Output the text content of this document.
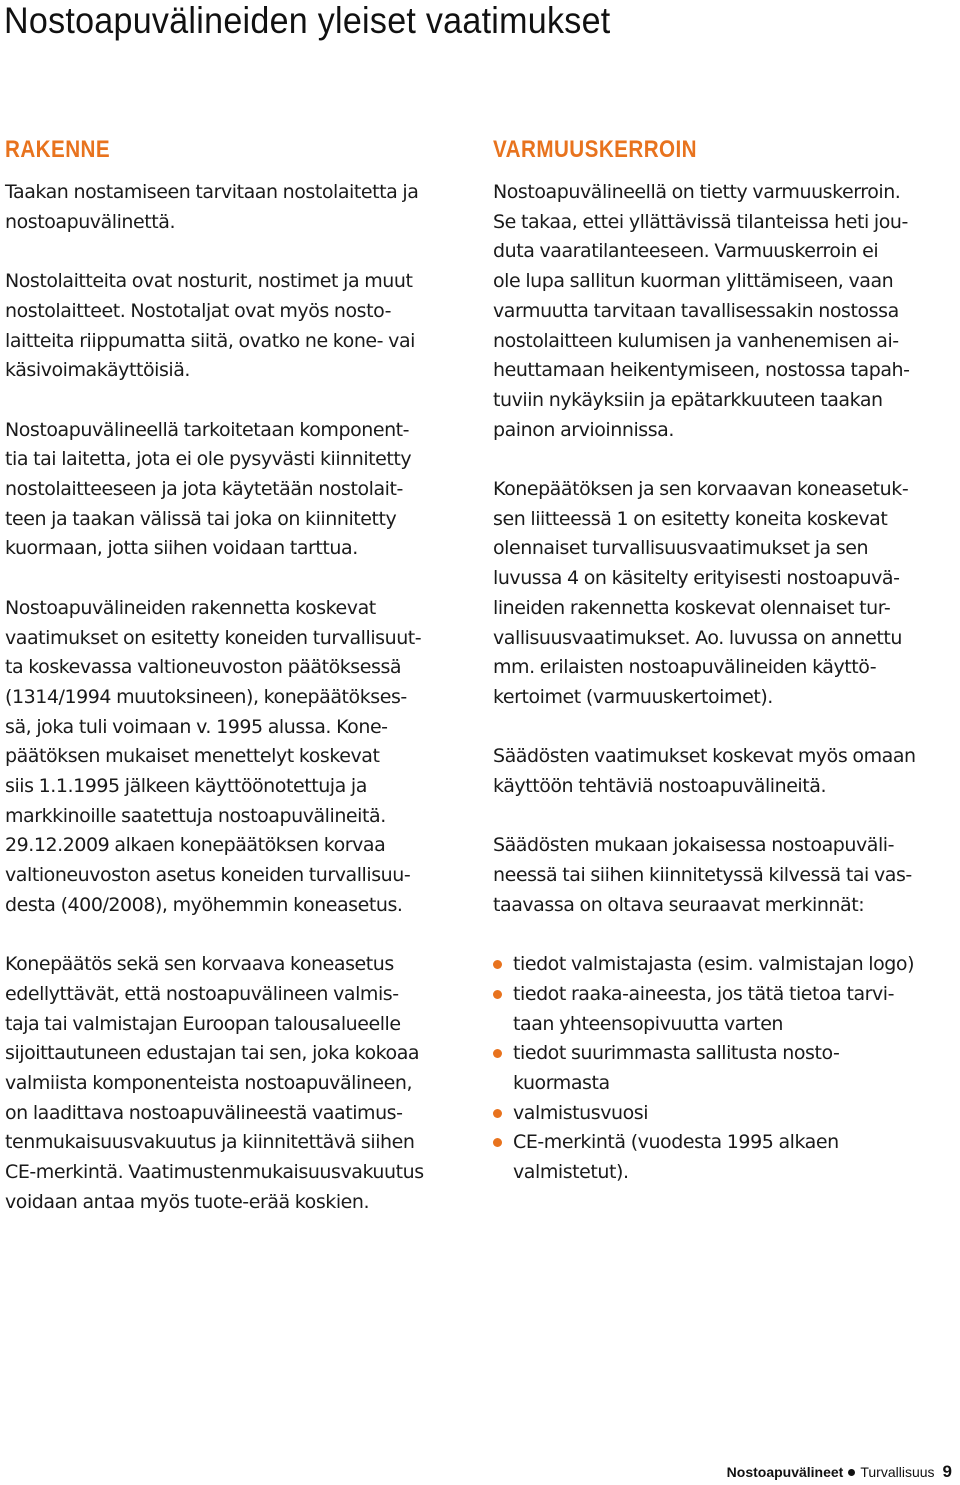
Nostoapuvälineiden yleiset vaatimukset
RAKENNE

Taakan nostamiseen tarvitaan nostolaitetta ja
nostoapuvälinettä.

Nostolaitteita ovat nosturit, nostimet ja muut
nostolaitteet. Nostotaljat ovat myös nosto-
laitteita riippumatta siitä, ovatko ne kone- vai
käsivoimakäyttöisiä.

Nostoapuvälineellä tarkoitetaan komponent-
tia tai laitetta, jota ei ole pysyvästi kiinnitetty
nostolaitteeseen ja jota käytetään nostolait-
teen ja taakan välissä tai joka on kiinnitetty
kuormaan, jotta siihen voidaan tarttua.

Nostoapuvälineiden rakennetta koskevat
vaatimukset on esitetty koneiden turvallisuut-
ta koskevassa valtioneuvoston päätöksessä
(1314/1994 muutoksineen), konepäätökses-
sä, joka tuli voimaan v. 1995 alussa. Kone-
päätöksen mukaiset menettelyt koskevat
siis 1.1.1995 jälkeen käyttöönotettuja ja
markkinoille saatettuja nostoapuvälineitä.
29.12.2009 alkaen konepäätöksen korvaa
valtioneuvoston asetus koneiden turvallisuu-
desta (400/2008), myöhemmin koneasetus.

Konepäätös sekä sen korvaava koneasetus
edellyttävät, että nostoapuvälineen valmis-
taja tai valmistajan Euroopan talousalueelle
sijoittautuneen edustajan tai sen, joka kokoaa
valmiista komponenteista nostoapuvälineen,
on laadittava nostoapuvälineestä vaatimus-
tenmukaisuusvakuutus ja kiinnitettävä siihen
CE-merkintä. Vaatimustenmukaisuusvakuutus
voidaan antaa myös tuote-erää koskien.

VARMUUSKERROIN

Nostoapuvälineellä on tietty varmuuskerroin.
Se takaa, ettei yllättävissä tilanteissa heti jou-
duta vaaratilanteeseen. Varmuuskerroin ei
ole lupa sallitun kuorman ylittämiseen, vaan
varmuutta tarvitaan tavallisessakin nostossa
nostolaitteen kulumisen ja vanhenemisen ai-
heuttamaan heikentymiseen, nostossa tapah-
tuviin nykäyksiin ja epätarkkuuteen taakan
painon arvioinnissa.

Konepäätöksen ja sen korvaavan koneasetuk-
sen liitteessä 1 on esitetty koneita koskevat
olennaiset turvallisuusvaatimukset ja sen
luvussa 4 on käsitelty erityisesti nostoapuvä-
lineiden rakennetta koskevat olennaiset tur-
vallisuusvaatimukset. Ao. luvussa on annettu
mm. erilaisten nostoapuvälineiden käyttö-
kertoimet (varmuuskertoimet).

Säädösten vaatimukset koskevat myös omaan
käyttöön tehtäviä nostoapuvälineitä.

Säädösten mukaan jokaisessa nostoapuväli-
neessä tai siihen kiinnitetyssä kilvessä tai vas-
taavassa on oltava seuraavat merkinnät:

tiedot valmistajasta (esim. valmistajan logo)
tiedot raaka-aineesta, jos tätä tietoa tarvi-
taan yhteensopivuutta varten
tiedot suurimmasta sallitusta nosto-
kuormasta
valmistusvuosi
CE-merkintä (vuodesta 1995 alkaen
valmistetut).
Nostoapuvälineet Turvallisuus 9
